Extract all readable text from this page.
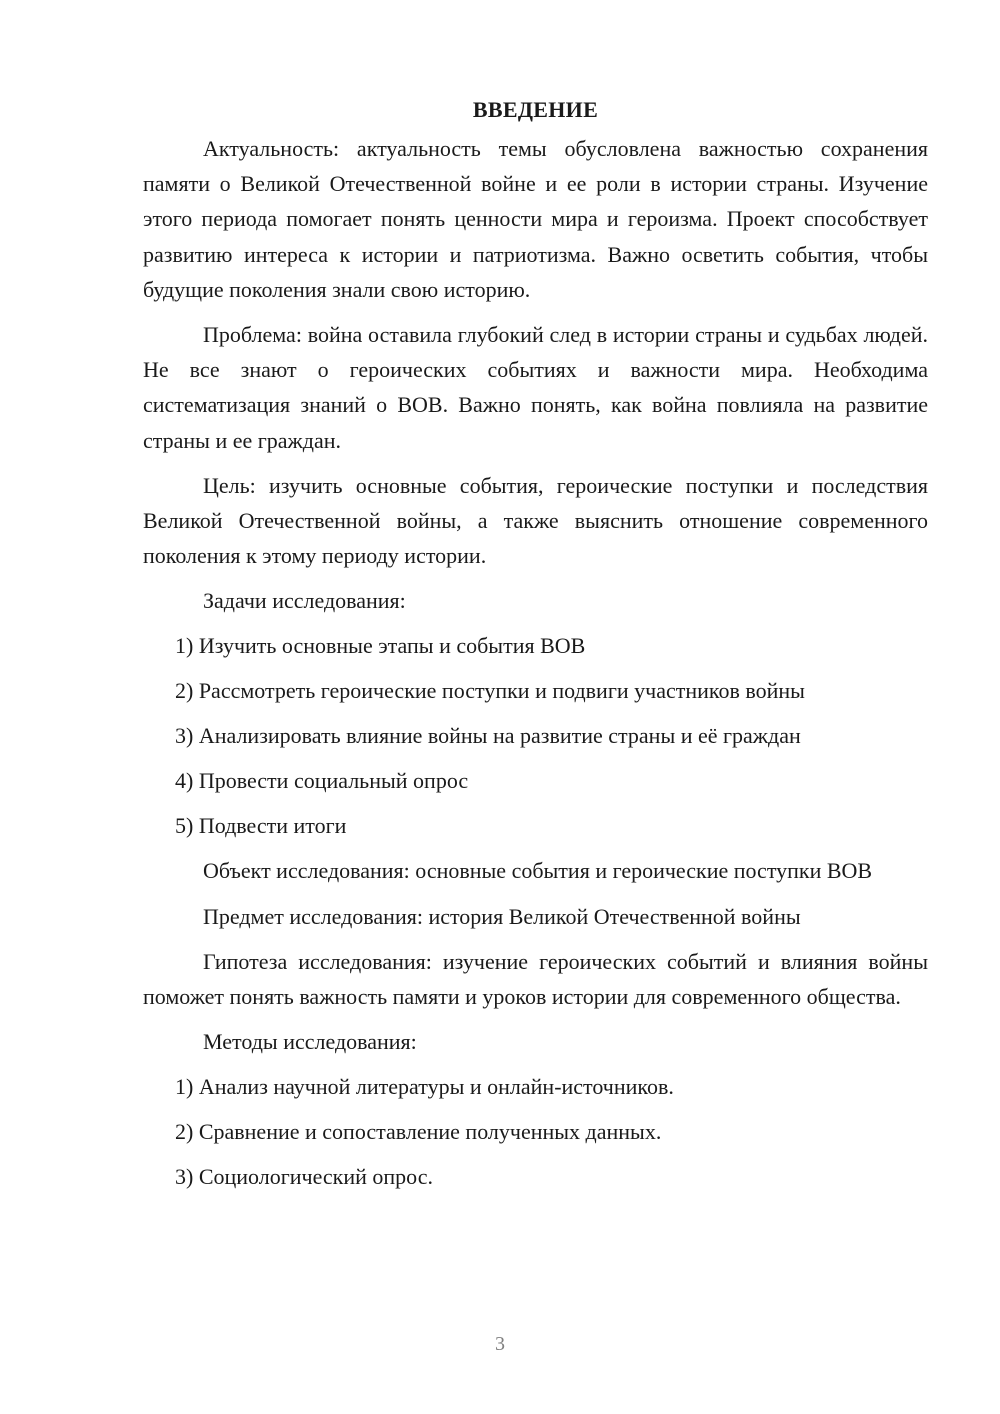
ВВЕДЕНИЕ

Актуальность: актуальность темы обусловлена важностью сохранения памяти о Великой Отечественной войне и ее роли в истории страны. Изучение этого периода помогает понять ценности мира и героизма. Проект способствует развитию интереса к истории и патриотизма. Важно осветить события, чтобы будущие поколения знали свою историю.

Проблема: война оставила глубокий след в истории страны и судьбах людей. Не все знают о героических событиях и важности мира. Необходима систематизация знаний о ВОВ. Важно понять, как война повлияла на развитие страны и ее граждан.

Цель: изучить основные события, героические поступки и последствия Великой Отечественной войны, а также выяснить отношение современного поколения к этому периоду истории.

Задачи исследования:

1) Изучить основные этапы и события ВОВ
2) Рассмотреть героические поступки и подвиги участников войны
3) Анализировать влияние войны на развитие страны и её граждан
4) Провести социальный опрос
5) Подвести итоги

Объект исследования: основные события и героические поступки ВОВ

Предмет исследования: история Великой Отечественной войны

Гипотеза исследования: изучение героических событий и влияния войны поможет понять важность памяти и уроков истории для современного общества.

Методы исследования:

1) Анализ научной литературы и онлайн-источников.
2) Сравнение и сопоставление полученных данных.
3) Социологический опрос.
3
